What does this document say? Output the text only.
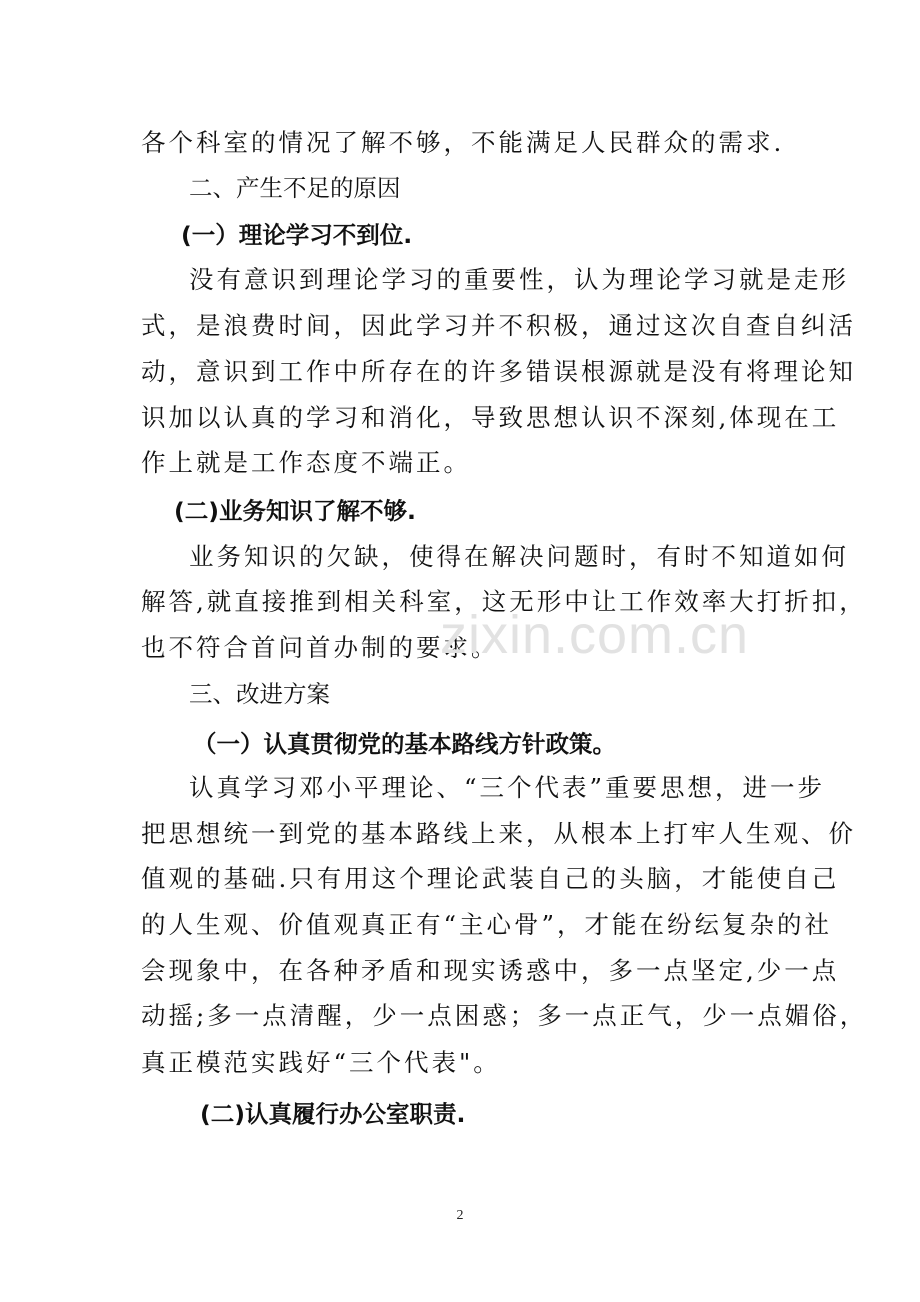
各个科室的情况了解不够，不能满足人民群众的需求.
二、产生不足的原因
(一）理论学习不到位.
没有意识到理论学习的重要性，认为理论学习就是走形
式，是浪费时间，因此学习并不积极，通过这次自查自纠活
动，意识到工作中所存在的许多错误根源就是没有将理论知
识加以认真的学习和消化，导致思想认识不深刻,体现在工
作上就是工作态度不端正。
(二)业务知识了解不够.
业务知识的欠缺，使得在解决问题时，有时不知道如何
解答,就直接推到相关科室，这无形中让工作效率大打折扣，
也不符合首问首办制的要求。
三、改进方案
（一）认真贯彻党的基本路线方针政策。
认真学习邓小平理论、“三个代表”重要思想，进一步
把思想统一到党的基本路线上来，从根本上打牢人生观、价
值观的基础.只有用这个理论武装自己的头脑，才能使自己
的人生观、价值观真正有“主心骨”，才能在纷纭复杂的社
会现象中，在各种矛盾和现实诱惑中，多一点坚定,少一点
动摇;多一点清醒，少一点困惑；多一点正气，少一点媚俗，
真正模范实践好“三个代表"。
(二)认真履行办公室职责.
zixin.com.cn
2
